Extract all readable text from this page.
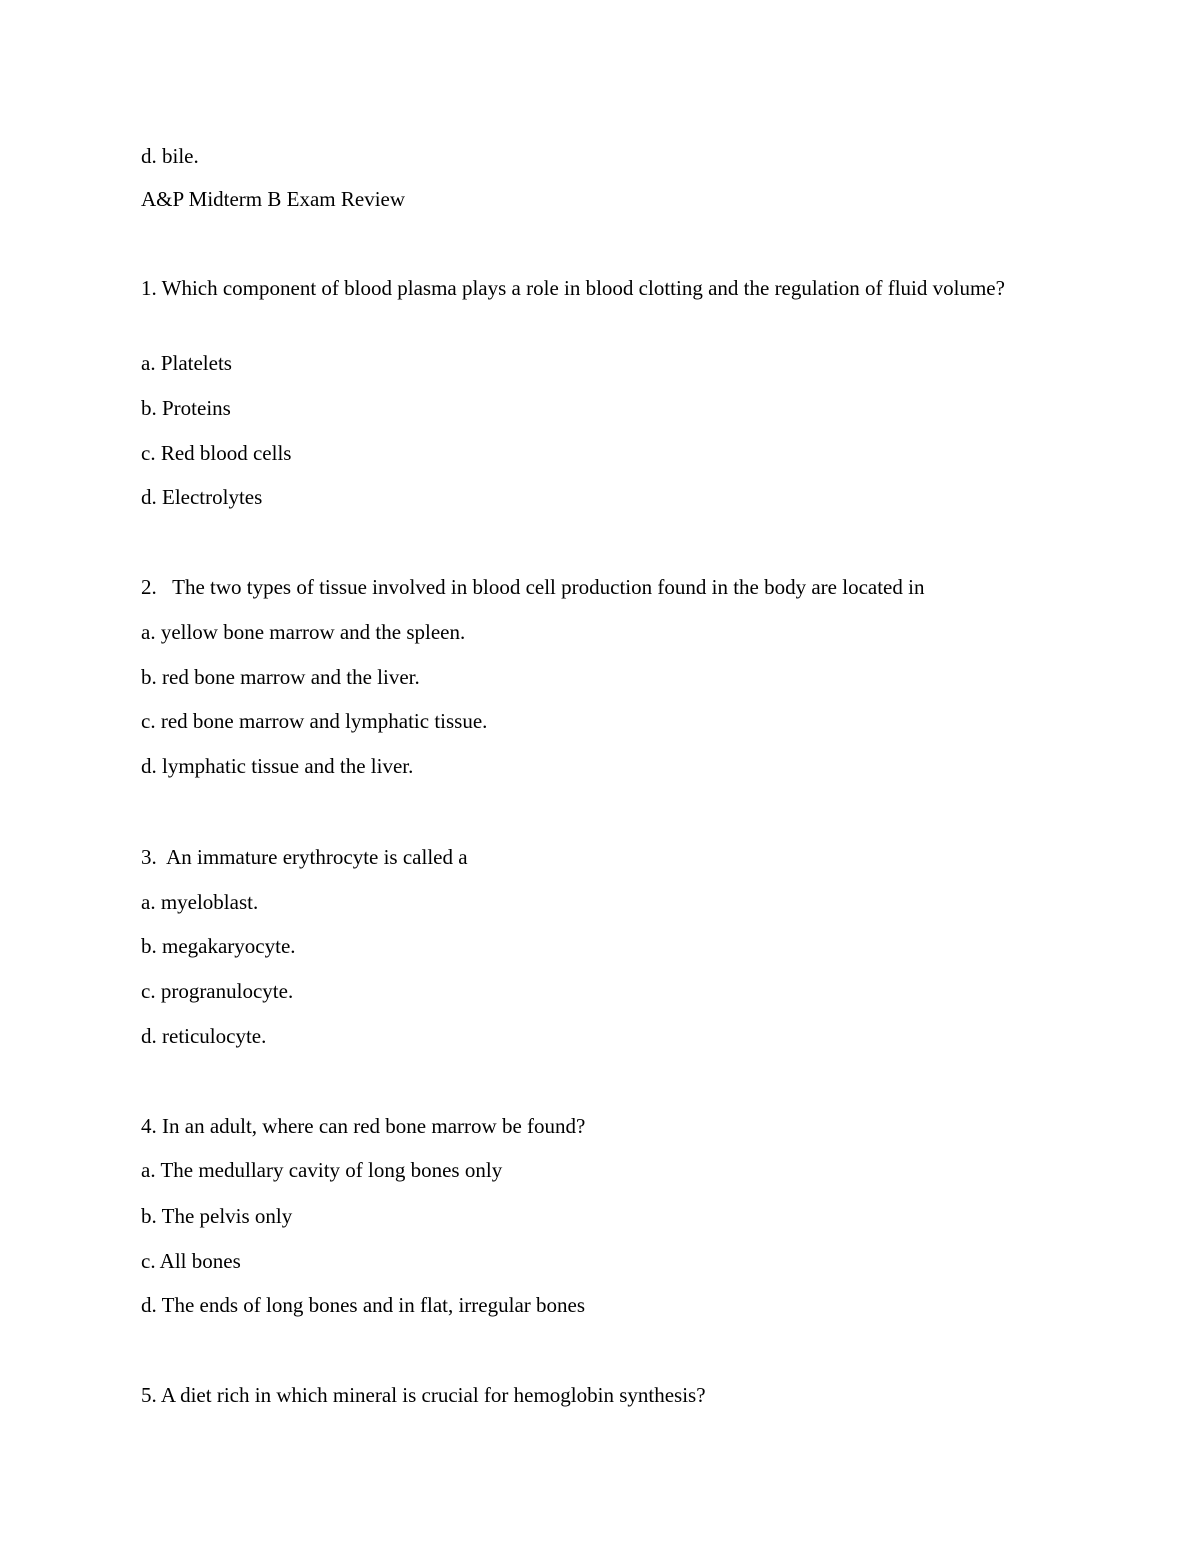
d. bile.
A&P Midterm B Exam Review
1. Which component of blood plasma plays a role in blood clotting and the regulation of fluid volume?
a. Platelets
b. Proteins
c. Red blood cells
d. Electrolytes
2.   The two types of tissue involved in blood cell production found in the body are located in
a. yellow bone marrow and the spleen.
b. red bone marrow and the liver.
c. red bone marrow and lymphatic tissue.
d. lymphatic tissue and the liver.
3.  An immature erythrocyte is called a
a. myeloblast.
b. megakaryocyte.
c. progranulocyte.
d. reticulocyte.
4. In an adult, where can red bone marrow be found?
a. The medullary cavity of long bones only
b. The pelvis only
c. All bones
d. The ends of long bones and in flat, irregular bones
5. A diet rich in which mineral is crucial for hemoglobin synthesis?
